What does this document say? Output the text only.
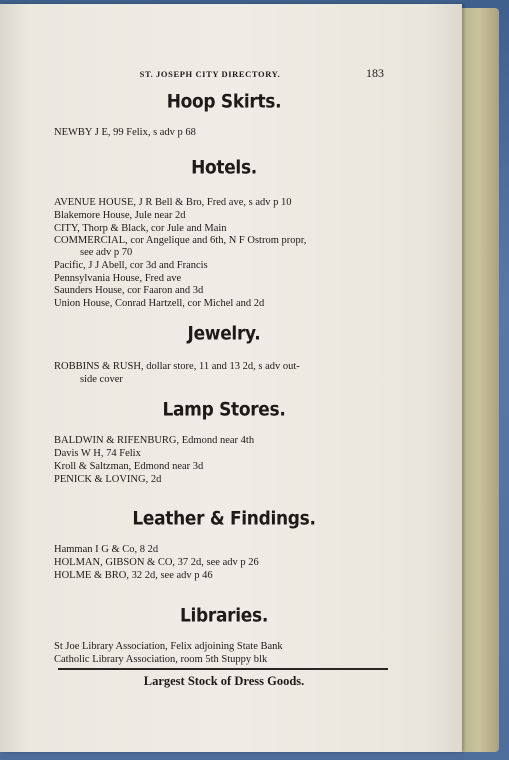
ST. JOSEPH CITY DIRECTORY.	183
Hoop Skirts.
NEWBY J E, 99 Felix, s adv p 68
Hotels.
AVENUE HOUSE, J R Bell & Bro, Fred ave, s adv p 10
Blakemore House, Jule near 2d
CITY, Thorp & Black, cor Jule and Main
COMMERCIAL, cor Angelique and 6th, N F Ostrom propr,
see adv p 70
Pacific, J J Abell, cor 3d and Francis
Pennsylvania House, Fred ave
Saunders House, cor Faaron and 3d
Union House, Conrad Hartzell, cor Michel and 2d
Jewelry.
ROBBINS & RUSH, dollar store, 11 and 13 2d, s adv out-
side cover
Lamp Stores.
BALDWIN & RIFENBURG, Edmond near 4th
Davis W H, 74 Felix
Kroll & Saltzman, Edmond near 3d
PENICK & LOVING, 2d
Leather & Findings.
Hamman I G & Co, 8 2d
HOLMAN, GIBSON & CO, 37 2d, see adv p 26
HOLME & BRO, 32 2d, see adv p 46
Libraries.
St Joe Library Association, Felix adjoining State Bank
Catholic Library Association, room 5th Stuppy blk
Largest Stock of Dress Goods.
